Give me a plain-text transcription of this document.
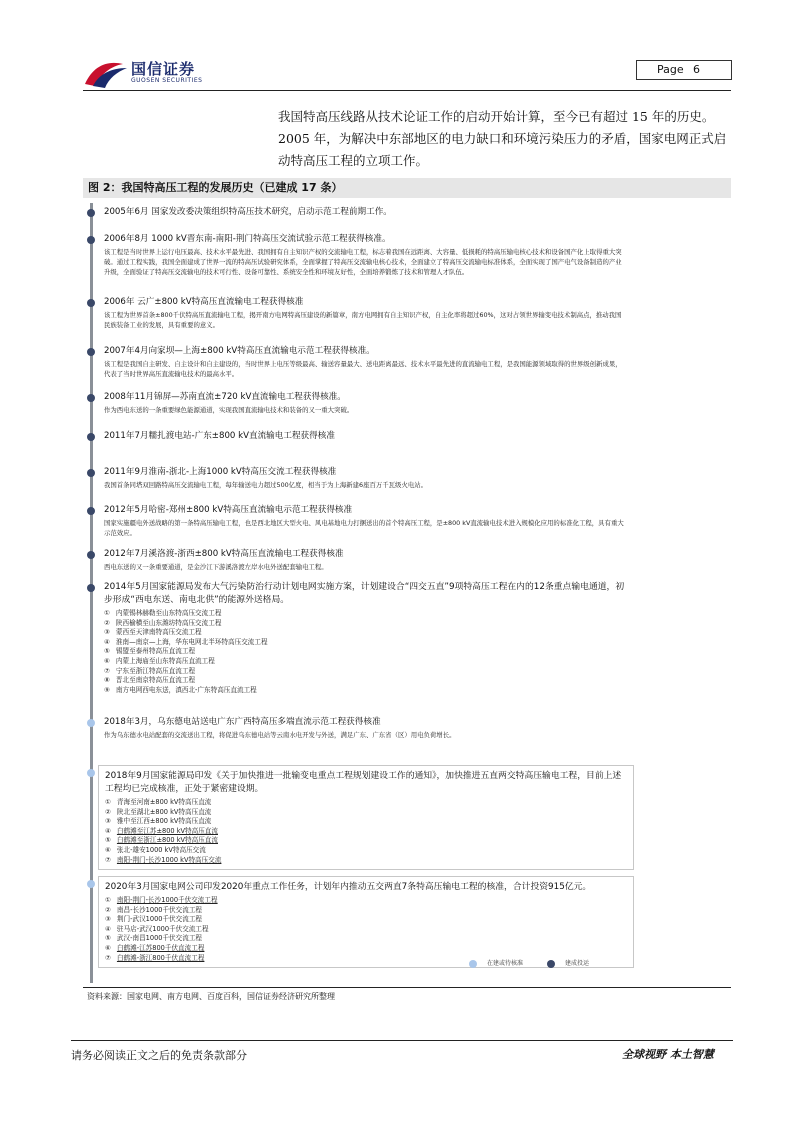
国信证券
GUOSEN SECURITIES
Page 6
我国特高压线路从技术论证工作的启动开始计算，至今已有超过 15 年的历史。2005 年，为解决中东部地区的电力缺口和环境污染压力的矛盾，国家电网正式启动特高压工程的立项工作。
图 2：我国特高压工程的发展历史（已建成 17 条）
2005年6月 国家发改委决策组织特高压技术研究，启动示范工程前期工作。
2006年8月 1000 kV晋东南-南阳-荆门特高压交流试验示范工程获得核准。
该工程是当时世界上运行电压最高、技术水平最先进、我国拥有自主知识产权的交流输电工程，标志着我国在远距离、大容量、低损耗的特高压输电核心技术和设备国产化上取得重大突破。通过工程实践，我国全面建成了世界一流的特高压试验研究体系，全面掌握了特高压交流输电核心技术，全面建立了特高压交流输电标准体系，全面实现了国产电气设备制造的产业升级，全面验证了特高压交流输电的技术可行性、设备可靠性、系统安全性和环境友好性，全面培养锻炼了技术和管理人才队伍。
2006年 云广±800 kV特高压直流输电工程获得核准
该工程为世界首条±800千伏特高压直流输电工程，揭开南方电网特高压建设的新篇章，南方电网拥有自主知识产权，自主化率将超过60%，这对占领世界输变电技术制高点，推动我国民族装备工业的发展，具有重要的意义。
2007年4月向家坝—上海±800 kV特高压直流输电示范工程获得核准。
该工程是我国自主研发、自主设计和自主建设的，当时世界上电压等级最高、输送容量最大、送电距离最远、技术水平最先进的直流输电工程，是我国能源领域取得的世界级创新成果，代表了当时世界高压直流输电技术的最高水平。
2008年11月锦屏—苏南直流±720 kV直流输电工程获得核准。
作为西电东送的一条重要绿色能源通道，实现我国直流输电技术和装备的又一重大突破。
2011年7月糯扎渡电站-广东±800 kV直流输电工程获得核准
2011年9月淮南-浙北-上海1000 kV特高压交流工程获得核准
我国首条同塔双回路特高压交流输电工程，每年输送电力超过500亿度，相当于为上海新建6座百万千瓦级火电站。
2012年5月哈密-郑州±800 kV特高压直流输电示范工程获得核准
国家实施疆电外送战略的第一条特高压输电工程，也是西北地区大型火电、风电基地电力打捆送出的首个特高压工程，是±800 kV直流输电技术进入规模化应用的标准化工程，具有重大示范效应。
2012年7月溪洛渡-浙西±800 kV特高压直流输电工程获得核准
西电东送的又一条重要通道，是金沙江下游溪洛渡左岸水电外送配套输电工程。
2014年5月国家能源局发布大气污染防治行动计划电网实施方案，计划建设合“四交五直”9项特高压工程在内的12条重点输电通道，初步形成“西电东送、南电北供”的能源外送格局。
① 内蒙锡林赫勒至山东特高压交流工程
② 陕西榆横至山东潍坊特高压交流工程
③ 蒙西至天津南特高压交流工程
④ 淮南—南京—上海，华东电网北半环特高压交流工程
⑤ 锡盟至泰州特高压直流工程
⑥ 内蒙上海庙至山东特高压直流工程
⑦ 宁东至浙江特高压直流工程
⑧ 晋北至南京特高压直流工程
⑨ 南方电网西电东送，滇西北-广东特高压直流工程
2018年3月，乌东德电站送电广东广西特高压多端直流示范工程获得核准
作为乌东德水电站配套的交流送出工程，将促进乌东德电站等云南水电开发与外送，满足广东、广东省（区）用电负荷增长。
2018年9月国家能源局印发《关于加快推进一批输变电重点工程规划建设工作的通知》，加快推进五直两交特高压输电工程，目前上述工程均已完成核准，正处于紧密建设期。
① 青海至河南±800 kV特高压直流
② 陕北至湖北±800 kV特高压直流
③ 雅中至江西±800 kV特高压直流
④ 白鹤滩至江苏±800 kV特高压直流
⑤ 白鹤滩至浙江±800 kV特高压直流
⑥ 张北-雄安1000 kV特高压交流
⑦ 南阳-荆门-长沙1000 kV特高压交流
2020年3月国家电网公司印发2020年重点工作任务，计划年内推动五交两直7条特高压输电工程的核准，合计投资915亿元。
① 南阳-荆门-长沙1000千伏交流工程
② 南昌-长沙1000千伏交流工程
③ 荆门-武汉1000千伏交流工程
④ 驻马店-武汉1000千伏交流工程
⑤ 武汉-南昌1000千伏交流工程
⑥ 白鹤滩-江苏800千伏直流工程
⑦ 白鹤滩-浙江800千伏直流工程
在建或待核准	建成投运
资料来源：国家电网、南方电网、百度百科，国信证券经济研究所整理
请务必阅读正文之后的免责条款部分	全球视野 本土智慧
